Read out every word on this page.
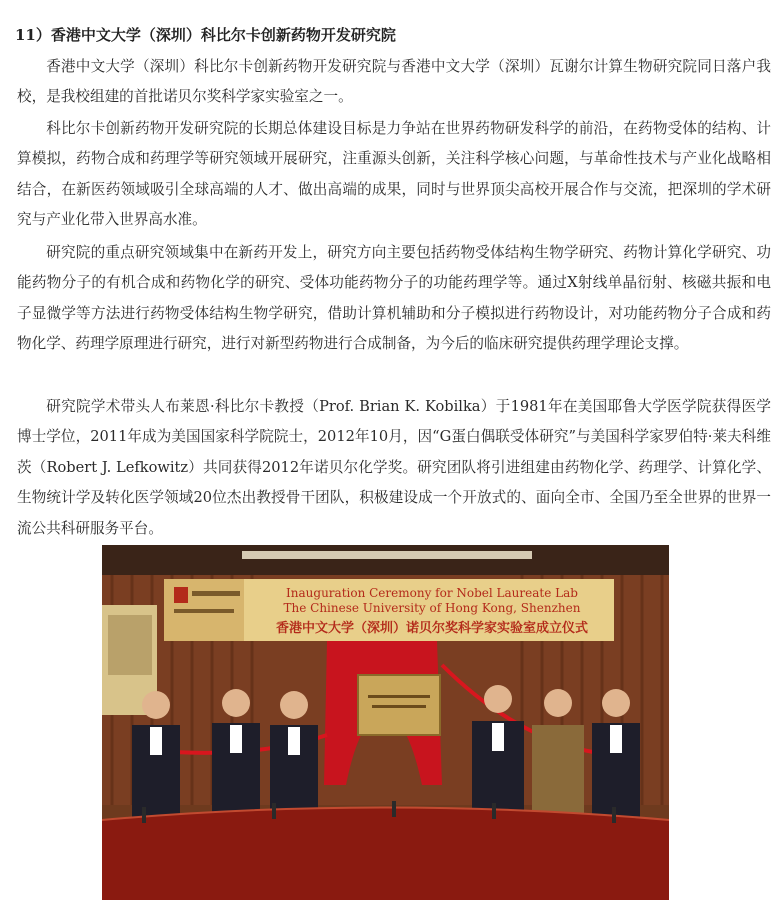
11）香港中文大学（深圳）科比尔卡创新药物开发研究院

香港中文大学（深圳）科比尔卡创新药物开发研究院与香港中文大学（深圳）瓦谢尔计算生物研究院同日落户我校，是我校组建的首批诺贝尔奖科学家实验室之一。

科比尔卡创新药物开发研究院的长期总体建设目标是力争站在世界药物研发科学的前沿，在药物受体的结构、计算模拟，药物合成和药理学等研究领域开展研究，注重源头创新，关注科学核心问题，与革命性技术与产业化战略相结合，在新医药领域吸引全球高端的人才、做出高端的成果，同时与世界顶尖高校开展合作与交流，把深圳的学术研究与产业化带入世界高水准。

研究院的重点研究领域集中在新药开发上，研究方向主要包括药物受体结构生物学研究、药物计算化学研究、功能药物分子的有机合成和药物化学的研究、受体功能药物分子的功能药理学等。通过X射线单晶衍射、核磁共振和电子显微学等方法进行药物受体结构生物学研究，借助计算机辅助和分子模拟进行药物设计，对功能药物分子合成和药物化学、药理学原理进行研究，进行对新型药物进行合成制备，为今后的临床研究提供药理学理论支撑。

研究院学术带头人布莱恩·科比尔卡教授（Prof. Brian K. Kobilka）于1981年在美国耶鲁大学医学院获得医学博士学位，2011年成为美国国家科学院院士，2012年10月，因“G蛋白偶联受体研究”与美国科学家罗伯特·莱夫科维茨（Robert J. Lefkowitz）共同获得2012年诺贝尔化学奖。研究团队将引进组建由药物化学、药理学、计算化学、生物统计学及转化医学领域20位杰出教授骨干团队，积极建设成一个开放式的、面向全市、全国乃至全世界的世界一流公共科研服务平台。

Inauguration Ceremony for Nobel Laureate Lab
The Chinese University of Hong Kong, Shenzhen
香港中文大学（深圳）诺贝尔奖科学家实验室成立仪式
